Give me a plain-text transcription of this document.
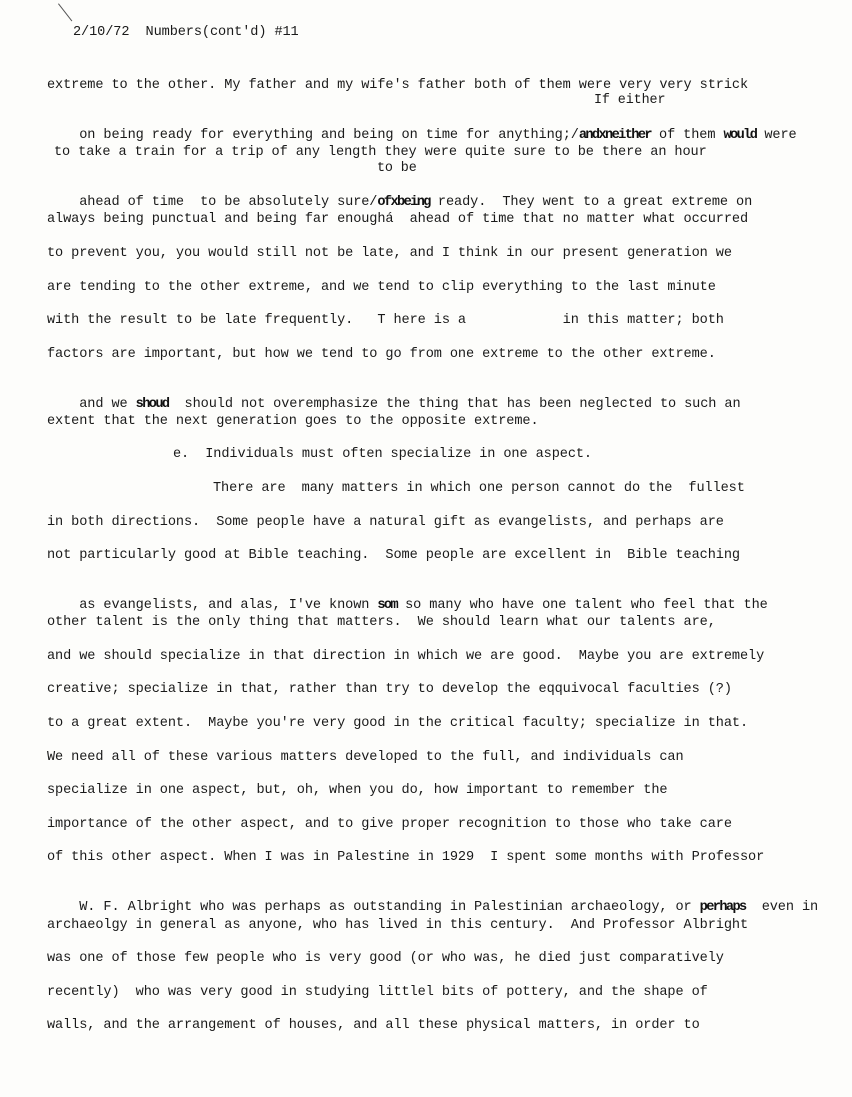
2/10/72  Numbers(cont'd) #11
extreme to the other. My father and my wife's father both of them were very very strick
If either

on being ready for everything and being on time for anything;/andxneither of them would were

to take a train for a trip of any length they were quite sure to be there an hour
to be

ahead of time  to be absolutely sure/ofxbeing ready.  They went to a great extreme on

always being punctual and being far enoughá  ahead of time that no matter what occurred
to prevent you, you would still not be late, and I think in our present generation we
are tending to the other extreme, and we tend to clip everything to the last minute
with the result to be late frequently.   T here is a            in this matter; both
factors are important, but how we tend to go from one extreme to the other extreme.

and we shoud  should not overemphasize the thing that has been neglected to such an

extent that the next generation goes to the opposite extreme.
e.  Individuals must often specialize in one aspect.
There are  many matters in which one person cannot do the  fullest
in both directions.  Some people have a natural gift as evangelists, and perhaps are
not particularly good at Bible teaching.  Some people are excellent in  Bible teaching

as evangelists, and alas, I've known som so many who have one talent who feel that the

other talent is the only thing that matters.  We should learn what our talents are,
and we should specialize in that direction in which we are good.  Maybe you are extremely
creative; specialize in that, rather than try to develop the eqquivocal faculties (?)
to a great extent.  Maybe you're very good in the critical faculty; specialize in that.
We need all of these various matters developed to the full, and individuals can
specialize in one aspect, but, oh, when you do, how important to remember the
importance of the other aspect, and to give proper recognition to those who take care
of this other aspect. When I was in Palestine in 1929  I spent some months with Professor

W. F. Albright who was perhaps as outstanding in Palestinian archaeology, or perhaps  even in

archaeolgy in general as anyone, who has lived in this century.  And Professor Albright
was one of those few people who is very good (or who was, he died just comparatively
recently)  who was very good in studying littlel bits of pottery, and the shape of
walls, and the arrangement of houses, and all these physical matters, in order to
